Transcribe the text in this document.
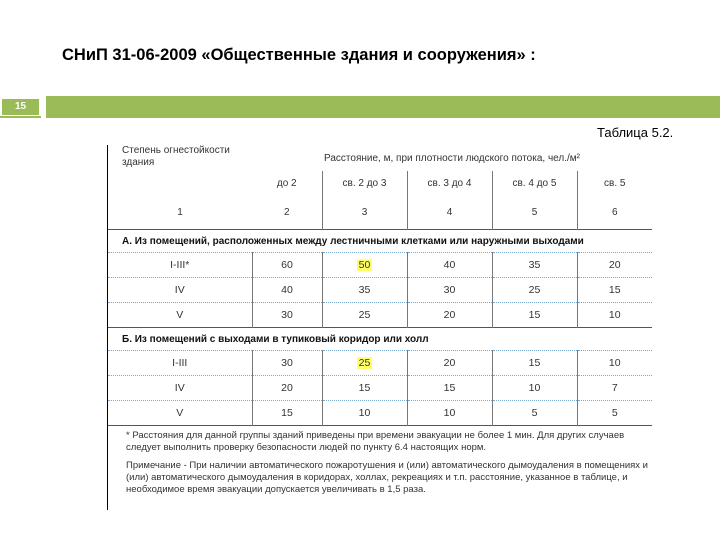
СНиП 31-06-2009 «Общественные здания и сооружения» :
15
Таблица 5.2.
Степень огнестойкости здания	Расстояние, м, при плотности людского потока, чел./м²				
	до 2	св. 2 до 3	св. 3 до 4	св. 4 до 5	св. 5
1	2	3	4	5	6
А. Из помещений, расположенных между лестничными клетками или наружными выходами					
I-III*	60	50	40	35	20
IV	40	35	30	25	15
V	30	25	20	15	10
Б. Из помещений с выходами в тупиковый коридор или холл					
I-III	30	25	20	15	10
IV	20	15	15	10	7
V	15	10	10	5	5
* Расстояния для данной группы зданий приведены при времени эвакуации не более 1 мин. Для других случаев следует выполнить проверку безопасности людей по пункту 6.4 настоящих норм.					
Примечание - При наличии автоматического пожаротушения и (или) автоматического дымоудаления в помещениях и (или) автоматического дымоудаления в коридорах, холлах, рекреациях и т.п. расстояние, указанное в таблице, и необходимое время эвакуации допускается увеличивать в 1,5 раза.					
